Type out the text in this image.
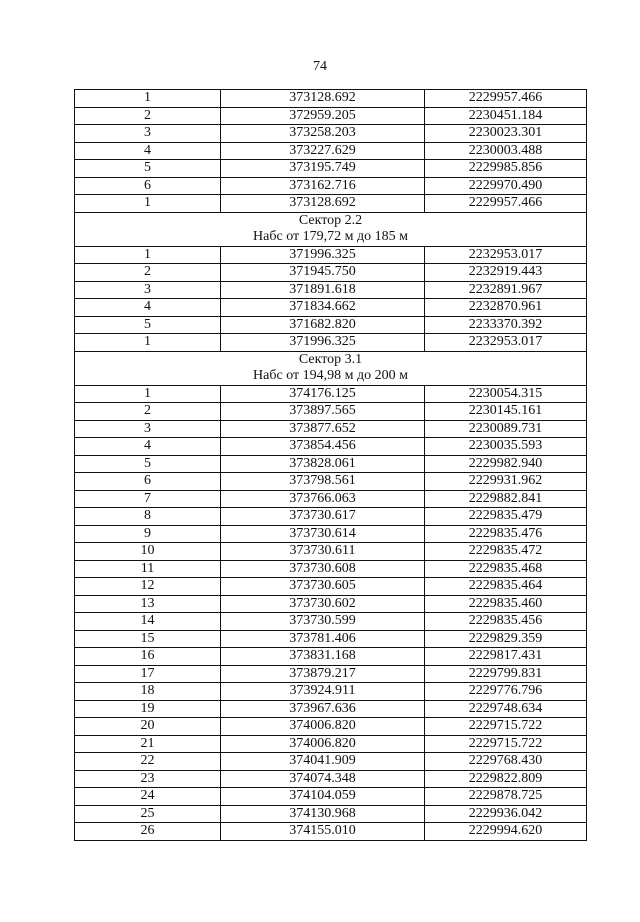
74
1	373128.692	2229957.466
2	372959.205	2230451.184
3	373258.203	2230023.301
4	373227.629	2230003.488
5	373195.749	2229985.856
6	373162.716	2229970.490
1	373128.692	2229957.466
Сектор 2.2		
Набс от 179,72 м до 185 м		
1	371996.325	2232953.017
2	371945.750	2232919.443
3	371891.618	2232891.967
4	371834.662	2232870.961
5	371682.820	2233370.392
1	371996.325	2232953.017
Сектор 3.1		
Набс от 194,98 м до 200 м		
1	374176.125	2230054.315
2	373897.565	2230145.161
3	373877.652	2230089.731
4	373854.456	2230035.593
5	373828.061	2229982.940
6	373798.561	2229931.962
7	373766.063	2229882.841
8	373730.617	2229835.479
9	373730.614	2229835.476
10	373730.611	2229835.472
11	373730.608	2229835.468
12	373730.605	2229835.464
13	373730.602	2229835.460
14	373730.599	2229835.456
15	373781.406	2229829.359
16	373831.168	2229817.431
17	373879.217	2229799.831
18	373924.911	2229776.796
19	373967.636	2229748.634
20	374006.820	2229715.722
21	374006.820	2229715.722
22	374041.909	2229768.430
23	374074.348	2229822.809
24	374104.059	2229878.725
25	374130.968	2229936.042
26	374155.010	2229994.620
